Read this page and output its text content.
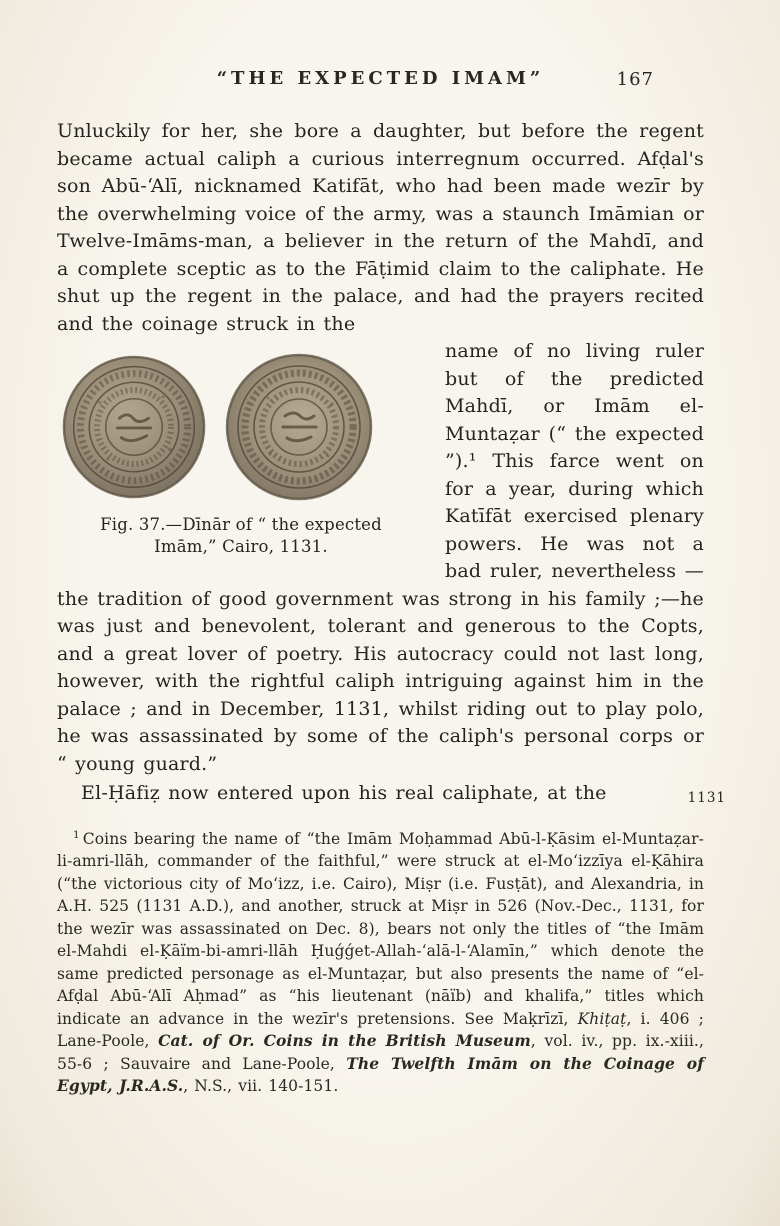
“THE EXPECTED IMAM”	167

Unluckily for her, she bore a daughter, but before the regent became actual caliph a curious interregnum occurred. Afḍal's son Abū-ʻAlī, nicknamed Katifāt, who had been made wezīr by the overwhelming voice of the army, was a staunch Imāmian or Twelve-Imāms-man, a believer in the return of the Mahdī, and a complete sceptic as to the Fāṭimid claim to the caliphate. He shut up the regent in the palace, and had the prayers recited and the coinage struck in the

Fig. 37.—Dīnār of “ the expected Imām,” Cairo, 1131.

name of no living ruler but of the predicted Mahdī, or Imām el-Muntaẓar (“ the expected ”).¹ This farce went on for a year, during which Katīfāt exercised plenary powers. He was not a bad ruler, nevertheless — the tradition of good government was strong in his family ;—he was just and benevolent, tolerant and generous to the Copts, and a great lover of poetry. His autocracy could not last long, however, with the rightful caliph intriguing against him in the palace ; and in December, 1131, whilst riding out to play polo, he was assassinated by some of the caliph's personal corps or “ young guard.”

El-Ḥāfiẓ now entered upon his real caliphate, at the	1131

$^1$ Coins bearing the name of “the Imām Moḥammad Abū-l-Ḳāsim el-Muntaẓar-li-amri-llāh, commander of the faithful,” were struck at el-Moʻizzīya el-Ḳāhira (“the victorious city of Moʻizz, i.e. Cairo), Miṣr (i.e. Fusṭāt), and Alexandria, in A.H. 525 (1131 A.D.), and another, struck at Miṣr in 526 (Nov.-Dec., 1131, for the wezīr was assassinated on Dec. 8), bears not only the titles of “the Imām el-Mahdi el-Ḳāïm-bi-amri-llāh Ḥuǵǵet-Allah-ʻalā-l-ʻAlamīn,” which denote the same predicted personage as el-Muntaẓar, but also presents the name of “el-Afḍal Abū-ʻAlī Aḥmad” as “his lieutenant (nāïb) and khalifa,” titles which indicate an advance in the wezīr's pretensions. See Maḳrīzī, Khiṭaṭ, i. 406 ; Lane-Poole, Cat. of Or. Coins in the British Museum, vol. iv., pp. ix.-xiii., 55-6 ; Sauvaire and Lane-Poole, The Twelfth Imām on the Coinage of Egypt, J.R.A.S., N.S., vii. 140-151.
